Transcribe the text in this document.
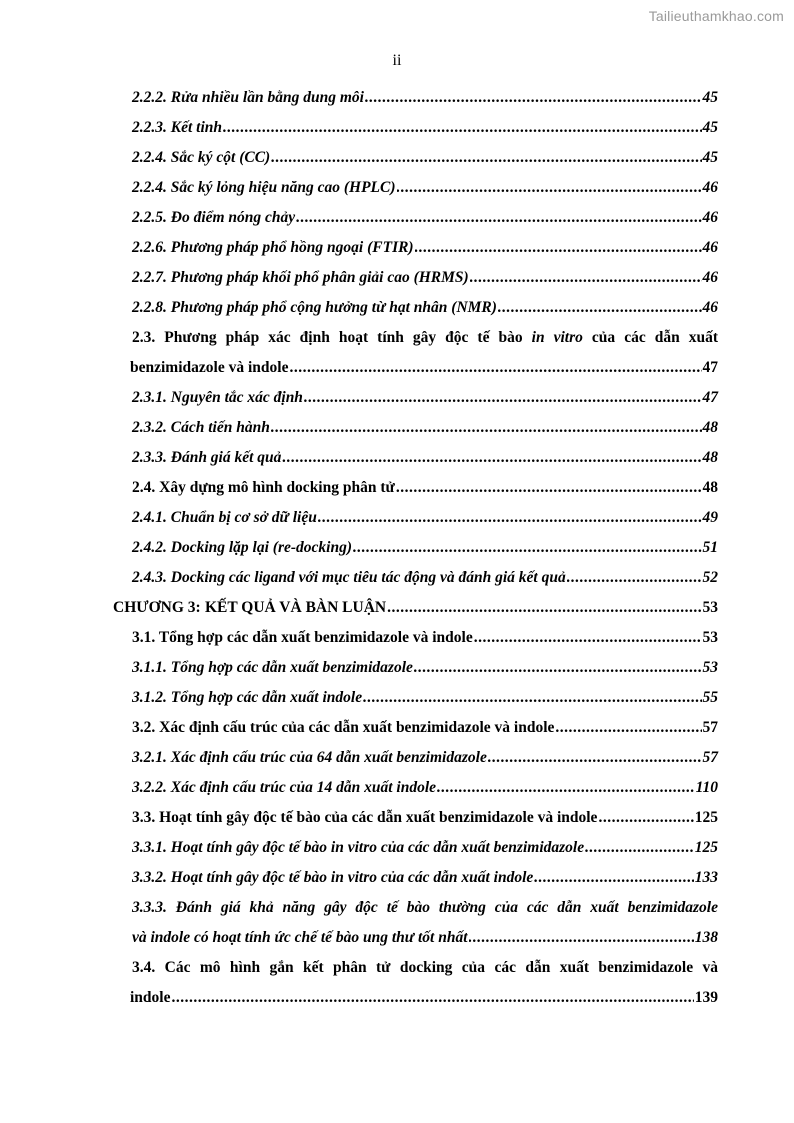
Tailieuthamkhao.com
ii
2.2.2. Rửa nhiều lần bằng dung môi .....	45
2.2.3. Kết tinh .....	45
2.2.4. Sắc ký cột (CC) .....	45
2.2.4. Sắc ký lỏng hiệu năng cao (HPLC) .....	46
2.2.5. Đo điểm nóng chảy .....	46
2.2.6. Phương pháp phổ hồng ngoại (FTIR) .....	46
2.2.7. Phương pháp khối phổ phân giải cao (HRMS) .....	46
2.2.8. Phương pháp phổ cộng hưởng từ hạt nhân (NMR) .....	46
2.3. Phương pháp xác định hoạt tính gây độc tế bào in vitro của các dẫn xuất
benzimidazole và indole .....	47
2.3.1. Nguyên tắc xác định .....	47
2.3.2. Cách tiến hành .....	48
2.3.3. Đánh giá kết quả .....	48
2.4. Xây dựng mô hình docking phân tử .....	48
2.4.1. Chuẩn bị cơ sở dữ liệu .....	49
2.4.2. Docking lặp lại (re-docking) .....	51
2.4.3. Docking các ligand với mục tiêu tác động và đánh giá kết quả .....	52
CHƯƠNG 3: KẾT QUẢ VÀ BÀN LUẬN .....	53
3.1. Tổng hợp các dẫn xuất benzimidazole và indole .....	53
3.1.1. Tổng hợp các dẫn xuất benzimidazole .....	53
3.1.2. Tổng hợp các dẫn xuất indole .....	55
3.2. Xác định cấu trúc của các dẫn xuất benzimidazole và indole .....	57
3.2.1. Xác định cấu trúc của 64 dẫn xuất benzimidazole .....	57
3.2.2. Xác định cấu trúc của 14 dẫn xuất indole .....	110
3.3. Hoạt tính gây độc tế bào của các dẫn xuất benzimidazole và indole .....	125
3.3.1. Hoạt tính gây độc tế bào in vitro của các dẫn xuất benzimidazole .....	125
3.3.2. Hoạt tính gây độc tế bào in vitro của các dẫn xuất indole .....	133
3.3.3. Đánh giá khả năng gây độc tế bào thường của các dẫn xuất benzimidazole
và indole có hoạt tính ức chế tế bào ung thư tốt nhất .....	138
3.4. Các mô hình gắn kết phân tử docking của các dẫn xuất benzimidazole và
indole .....	139
